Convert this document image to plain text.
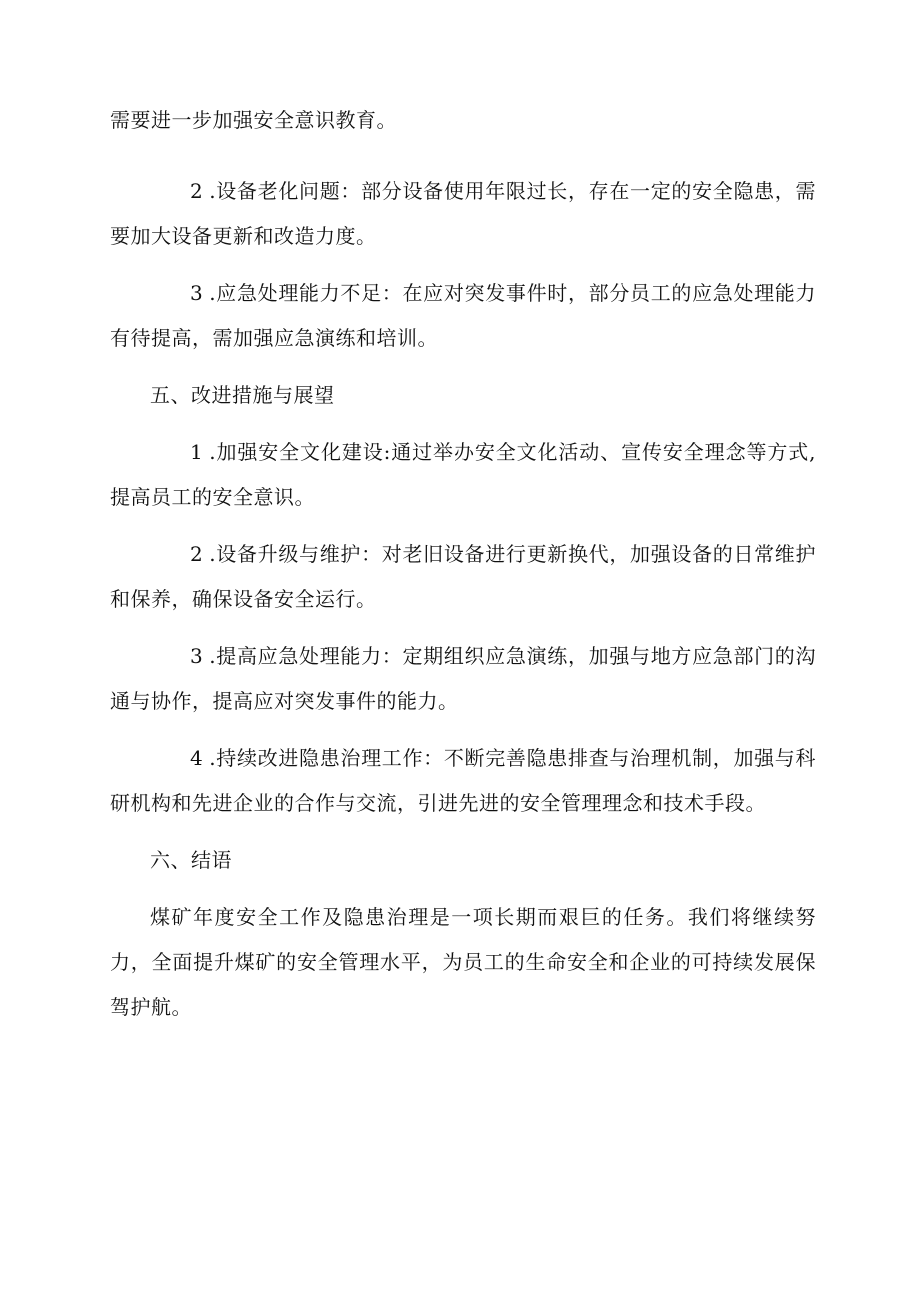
需要进一步加强安全意识教育。

2 .设备老化问题：部分设备使用年限过长，存在一定的安全隐患，需要加大设备更新和改造力度。

3 .应急处理能力不足：在应对突发事件时，部分员工的应急处理能力有待提高，需加强应急演练和培训。

五、改进措施与展望

1 .加强安全文化建设:通过举办安全文化活动、宣传安全理念等方式,提高员工的安全意识。

2 .设备升级与维护：对老旧设备进行更新换代，加强设备的日常维护和保养，确保设备安全运行。

3 .提高应急处理能力：定期组织应急演练，加强与地方应急部门的沟通与协作，提高应对突发事件的能力。

4 .持续改进隐患治理工作：不断完善隐患排查与治理机制，加强与科研机构和先进企业的合作与交流，引进先进的安全管理理念和技术手段。

六、结语

煤矿年度安全工作及隐患治理是一项长期而艰巨的任务。我们将继续努力，全面提升煤矿的安全管理水平，为员工的生命安全和企业的可持续发展保驾护航。
